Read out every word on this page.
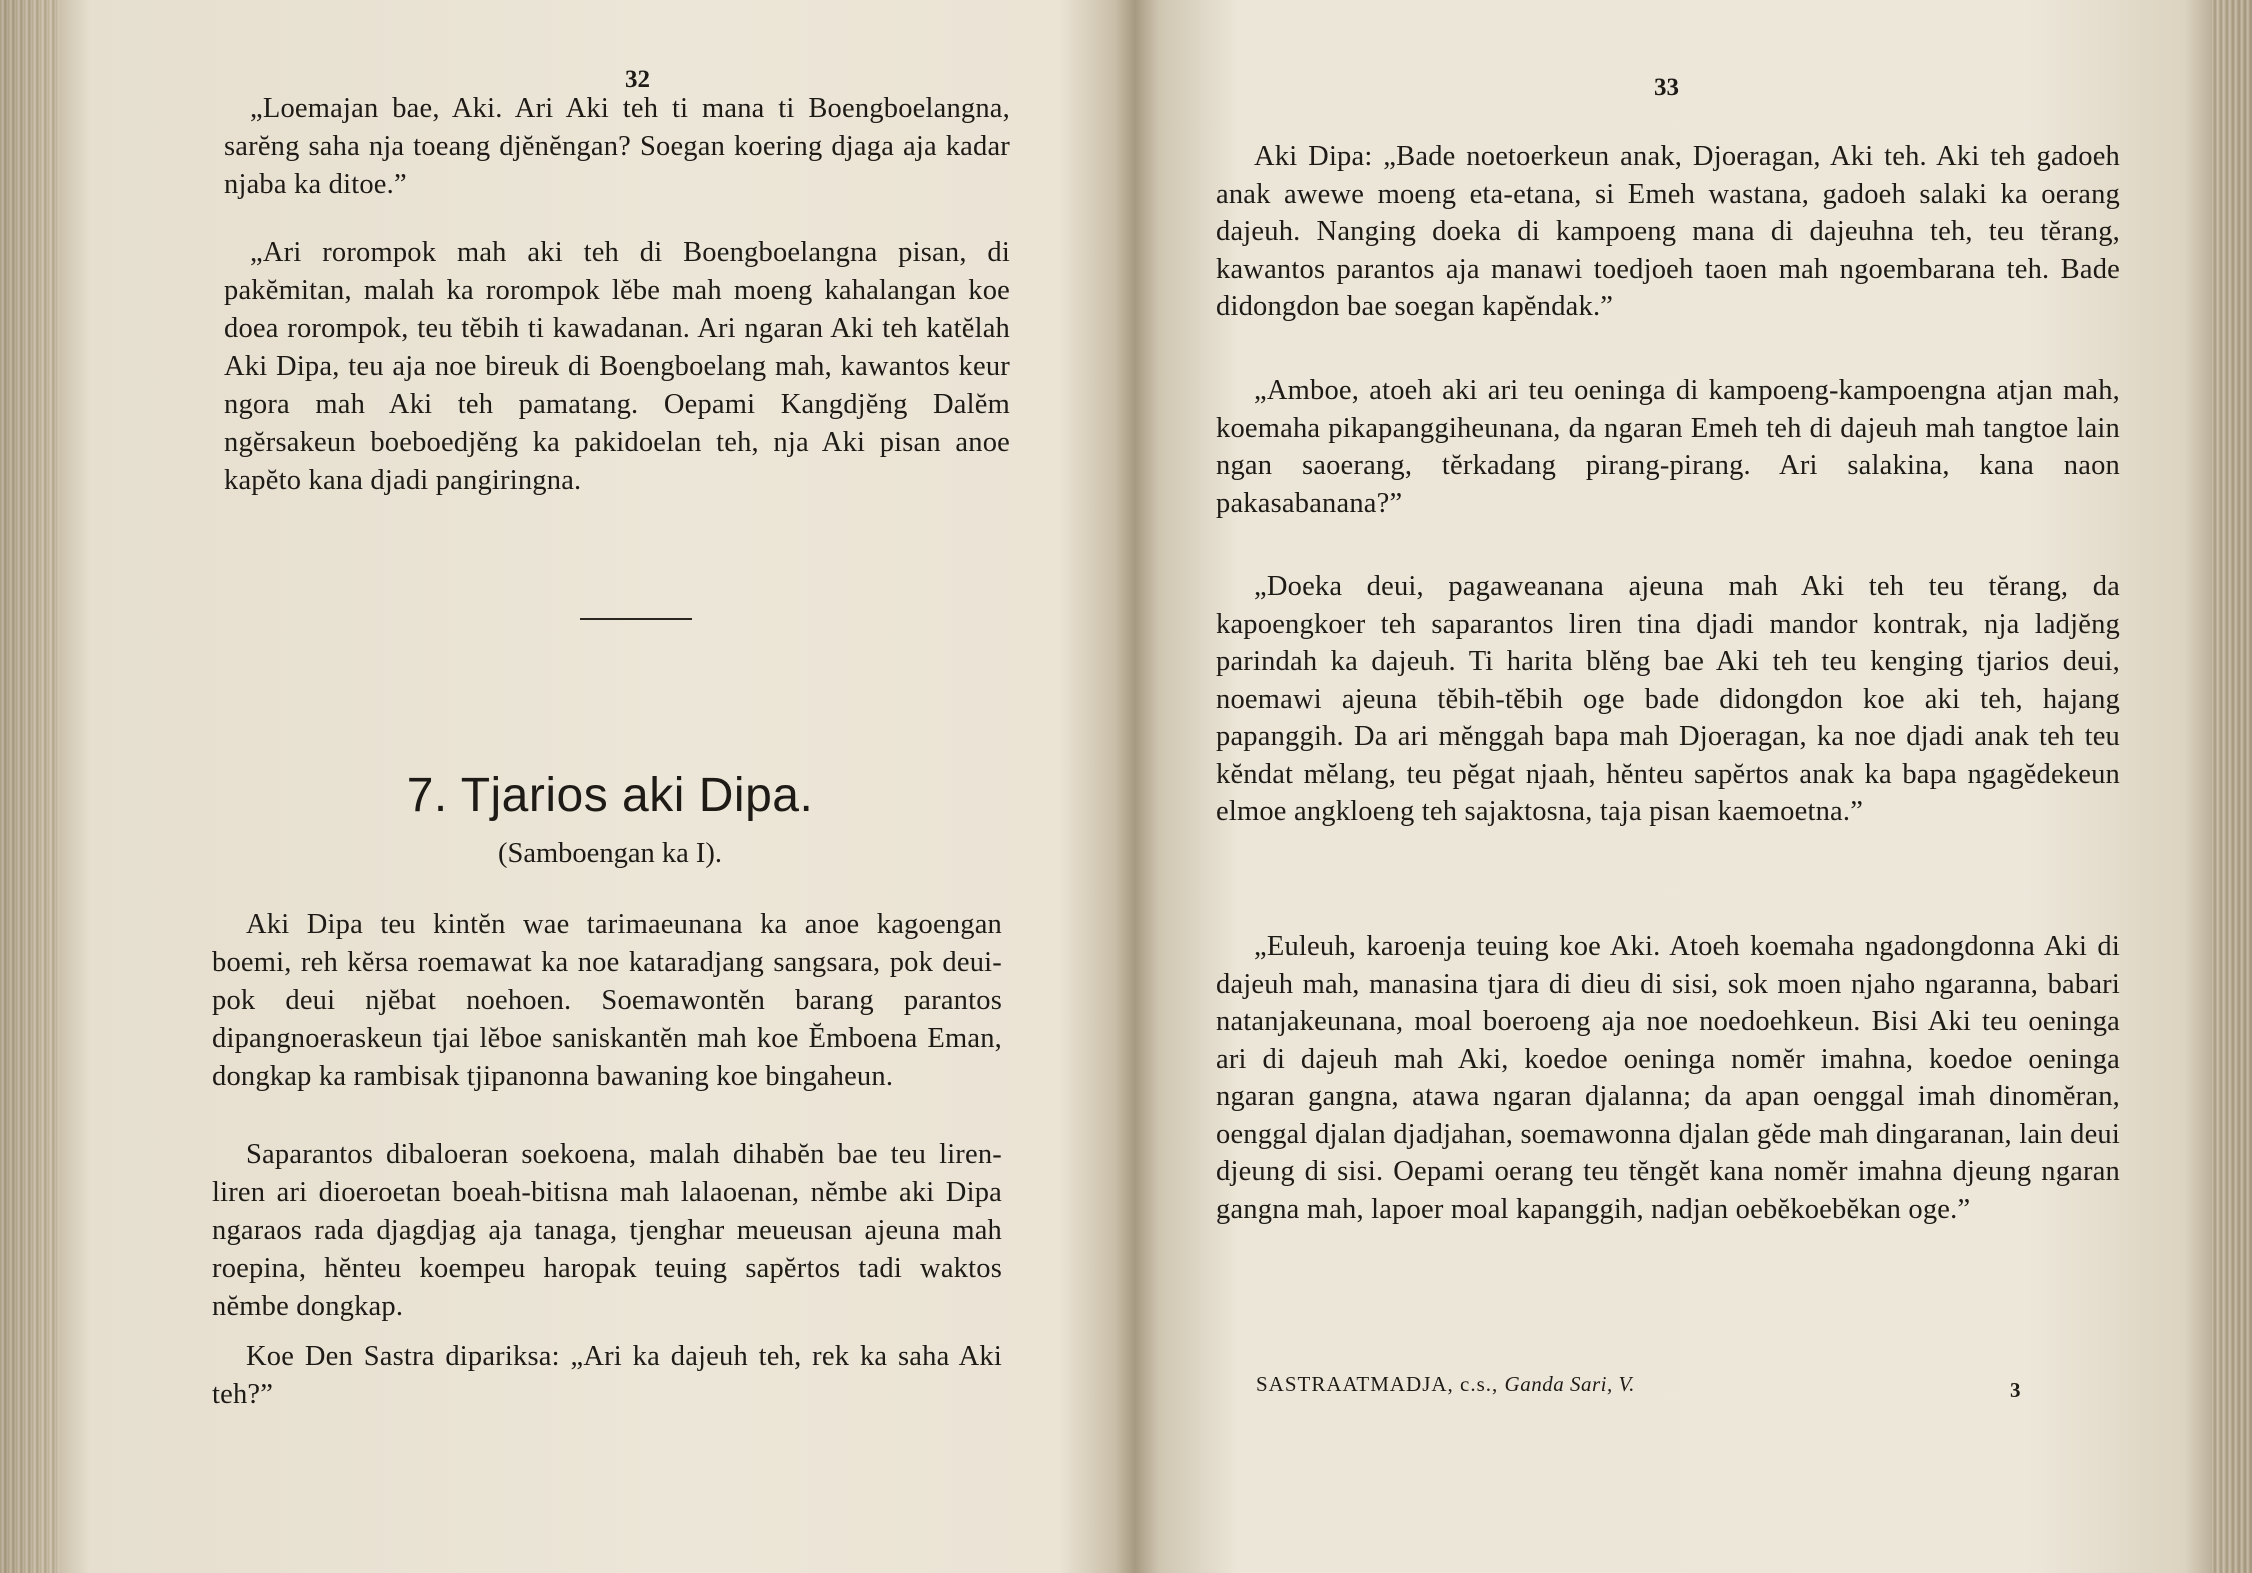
32

„Loemajan bae, Aki. Ari Aki teh ti mana ti Boengboelangna, sarĕng saha nja toeang djĕnĕngan? Soegan koering djaga aja kadar njaba ka ditoe.”

„Ari rorompok mah aki teh di Boengboelangna pisan, di pakĕmitan, malah ka rorompok lĕbe mah moeng kahalangan koe doea rorompok, teu tĕbih ti kawadanan. Ari ngaran Aki teh katĕlah Aki Dipa, teu aja noe bireuk di Boengboelang mah, kawantos keur ngora mah Aki teh pamatang. Oepami Kangdjĕng Dalĕm ngĕrsakeun boeboedjĕng ka pakidoelan teh, nja Aki pisan anoe kapĕto kana djadi pangiringna.

7. Tjarios aki Dipa.
(Samboengan ka I).

Aki Dipa teu kintĕn wae tarimaeunana ka anoe kagoengan boemi, reh kĕrsa roemawat ka noe kataradjang sangsara, pok deui-pok deui njĕbat noehoen. Soemawontĕn barang parantos dipangnoeraskeun tjai lĕboe saniskantĕn mah koe Ĕmboena Eman, dongkap ka rambisak tjipanonna bawaning koe bingaheun.

Saparantos dibaloeran soekoena, malah dihabĕn bae teu liren-liren ari dioeroetan boeah-bitisna mah lalaoenan, nĕmbe aki Dipa ngaraos rada djagdjag aja tanaga, tjenghar meueusan ajeuna mah roepina, hĕnteu koempeu haropak teuing sapĕrtos tadi waktos nĕmbe dongkap.

Koe Den Sastra dipariksa: „Ari ka dajeuh teh, rek ka saha Aki teh?”

33

Aki Dipa: „Bade noetoerkeun anak, Djoeragan, Aki teh. Aki teh gadoeh anak awewe moeng eta-etana, si Emeh wastana, gadoeh salaki ka oerang dajeuh. Nanging doeka di kampoeng mana di dajeuhna teh, teu tĕrang, kawantos parantos aja manawi toedjoeh taoen mah ngoembarana teh. Bade didongdon bae soegan kapĕndak.”

„Amboe, atoeh aki ari teu oeninga di kampoeng-kampoengna atjan mah, koemaha pikapanggiheunana, da ngaran Emeh teh di dajeuh mah tangtoe lain ngan saoerang, tĕrkadang pirang-pirang. Ari salakina, kana naon pakasabanana?”

„Doeka deui, pagaweanana ajeuna mah Aki teh teu tĕrang, da kapoengkoer teh saparantos liren tina djadi mandor kontrak, nja ladjĕng parindah ka dajeuh. Ti harita blĕng bae Aki teh teu kenging tjarios deui, noemawi ajeuna tĕbih-tĕbih oge bade didongdon koe aki teh, hajang papanggih. Da ari mĕnggah bapa mah Djoeragan, ka noe djadi anak teh teu kĕndat mĕlang, teu pĕgat njaah, hĕnteu sapĕrtos anak ka bapa ngagĕdekeun elmoe angkloeng teh sajaktosna, taja pisan kaemoetna.”

„Euleuh, karoenja teuing koe Aki. Atoeh koemaha ngadongdonna Aki di dajeuh mah, manasina tjara di dieu di sisi, sok moen njaho ngaranna, babari natanjakeunana, moal boeroeng aja noe noedoehkeun. Bisi Aki teu oeninga ari di dajeuh mah Aki, koedoe oeninga nomĕr imahna, koedoe oeninga ngaran gangna, atawa ngaran djalanna; da apan oenggal imah dinomĕran, oenggal djalan djadjahan, soemawonna djalan gĕde mah dingaranan, lain deui djeung di sisi. Oepami oerang teu tĕngĕt kana nomĕr imahna djeung ngaran gangna mah, lapoer moal kapanggih, nadjan oebĕkoebĕkan oge.”

SASTRAATMADJA, c.s., Ganda Sari, V.	3
